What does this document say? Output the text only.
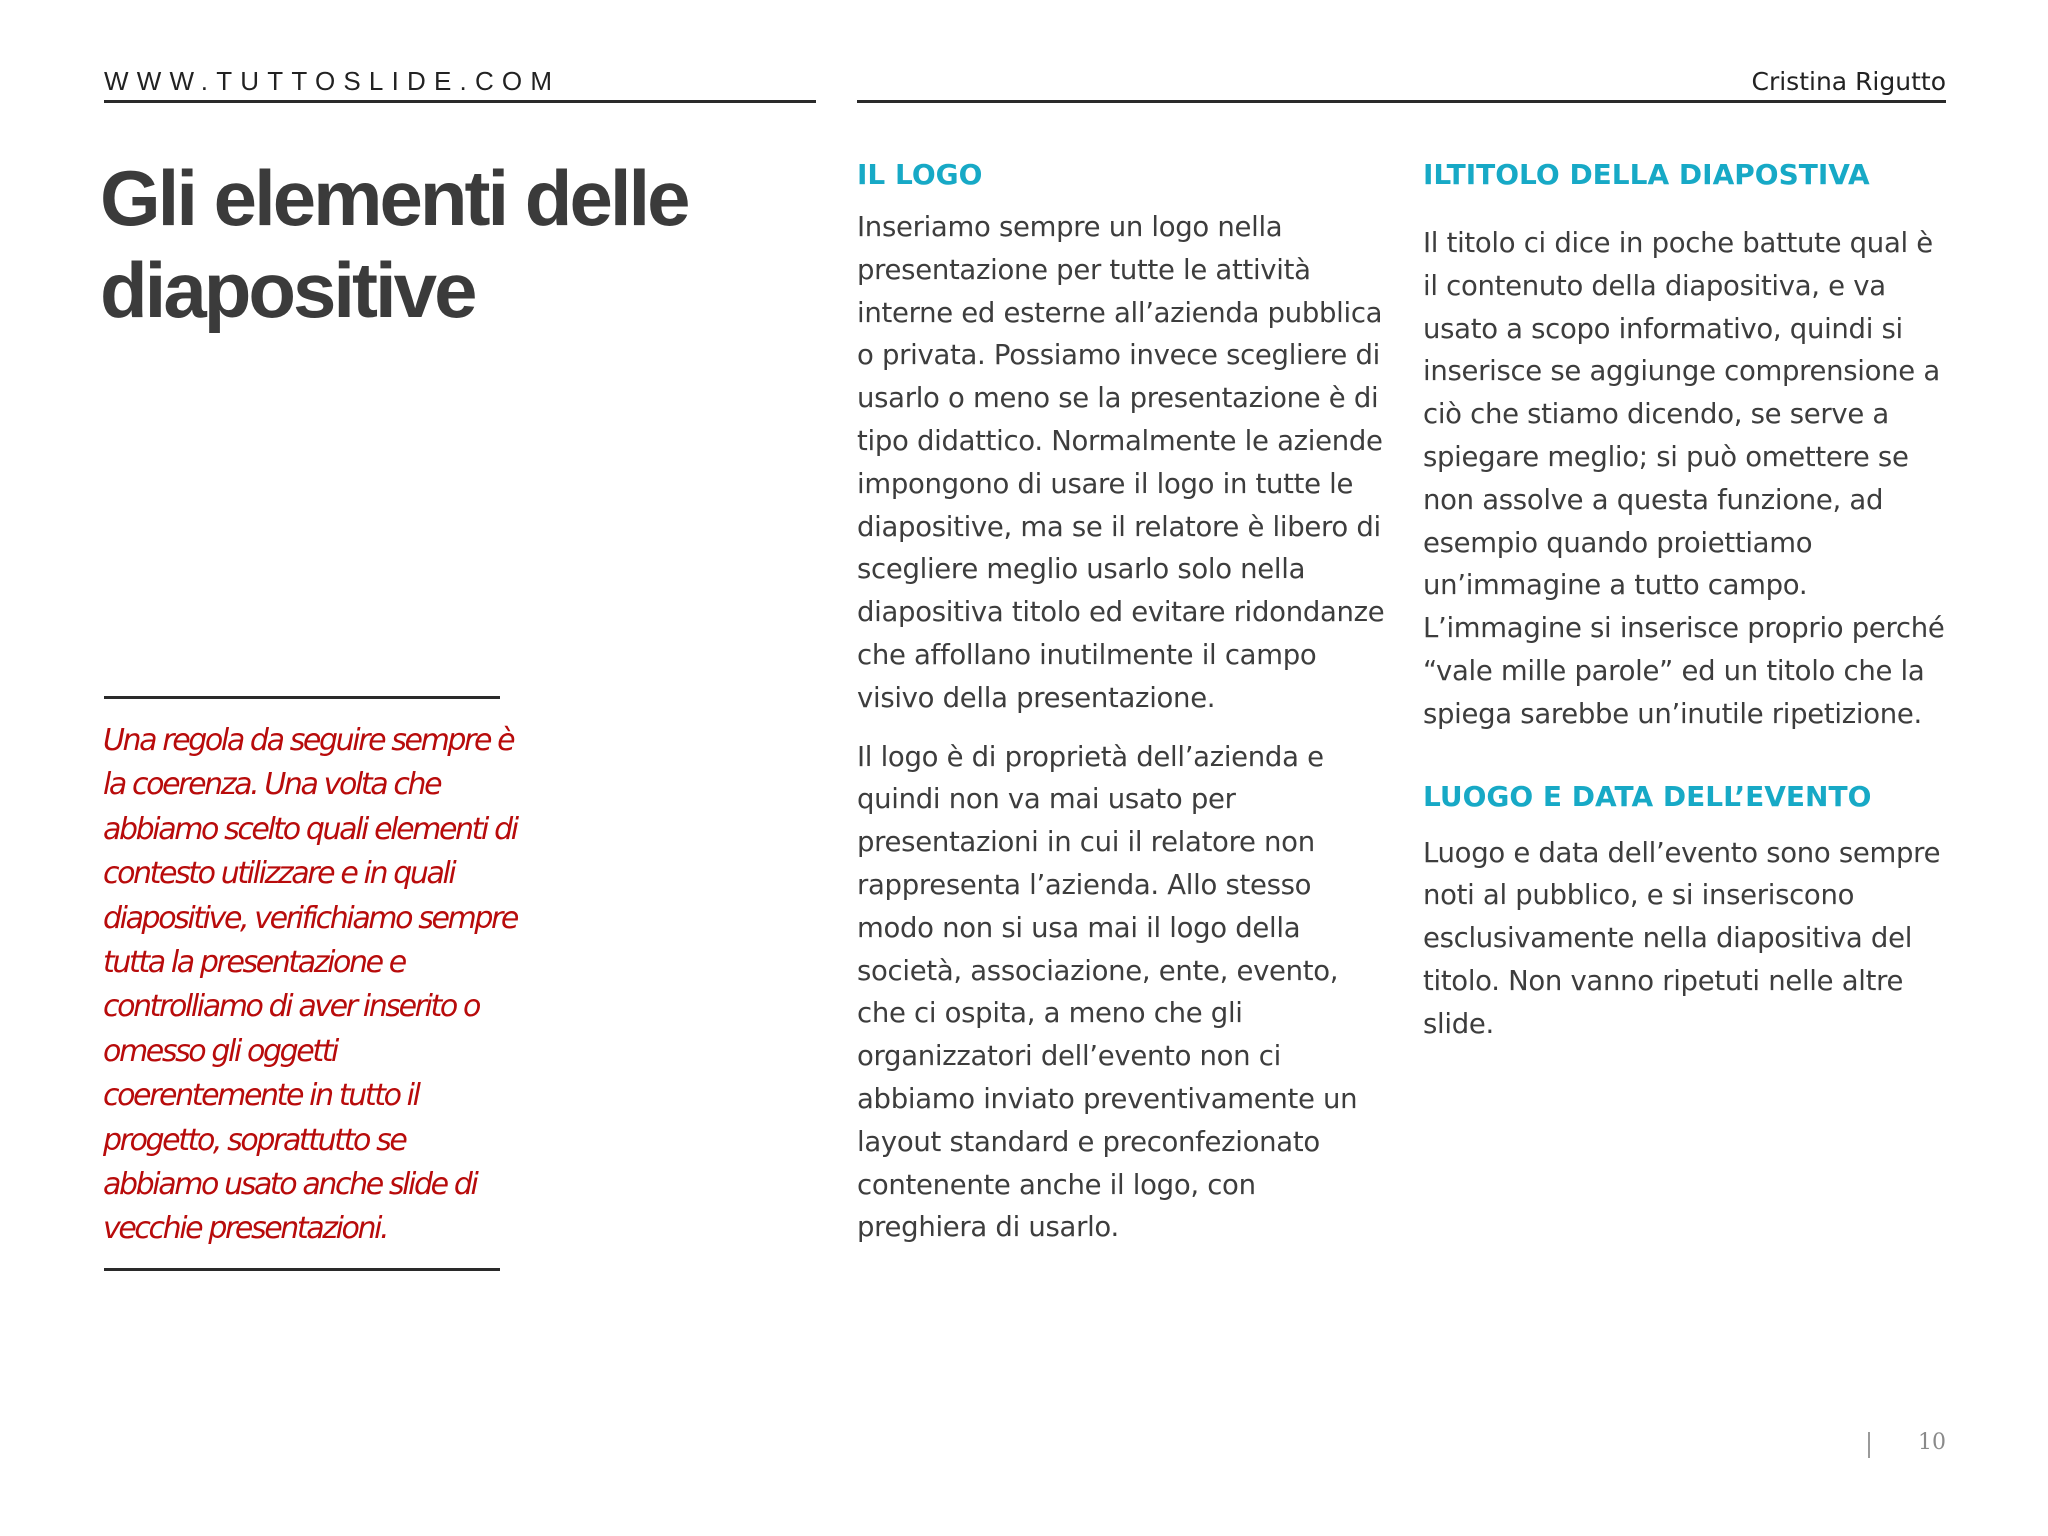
WWW.TUTTOSLIDE.COM	Cristina Rigutto
Gli elementi delle diapositive

Una regola da seguire sempre è la coerenza. Una volta che abbiamo scelto quali elementi di contesto utilizzare e in quali diapositive, verifichiamo sempre tutta la presentazione e controlliamo di aver inserito o omesso gli oggetti coerentemente in tutto il progetto, soprattutto se abbiamo usato anche slide di vecchie presentazioni.

IL LOGO

Inseriamo sempre un logo nella presentazione per tutte le attività interne ed esterne all’azienda pubblica o privata. Possiamo invece scegliere di usarlo o meno se la presentazione è di tipo didattico. Normalmente le aziende impongono di usare il logo in tutte le diapositive, ma se il relatore è libero di scegliere meglio usarlo solo nella diapositiva titolo ed evitare ridondanze che affollano inutilmente il campo visivo della presentazione.

Il logo è di proprietà dell’azienda e quindi non va mai usato per presentazioni in cui il relatore non rappresenta l’azienda. Allo stesso modo non si usa mai il logo della società, associazione, ente, evento, che ci ospita, a meno che gli organizzatori dell’evento non ci abbiamo inviato preventivamente un layout standard e preconfezionato contenente anche il logo, con preghiera di usarlo.

ILTITOLO DELLA DIAPOSTIVA

Il titolo ci dice in poche battute qual è il contenuto della diapositiva, e va usato a scopo informativo, quindi si inserisce se aggiunge comprensione a ciò che stiamo dicendo, se serve a spiegare meglio; si può omettere se non assolve a questa funzione, ad esempio quando proiettiamo un’immagine a tutto campo. L’immagine si inserisce proprio perché “vale mille parole” ed un titolo che la spiega sarebbe un’inutile ripetizione.

LUOGO E DATA DELL’EVENTO

Luogo e data dell’evento sono sempre noti al pubblico, e si inseriscono esclusivamente nella diapositiva del titolo. Non vanno ripetuti nelle altre slide.

10
